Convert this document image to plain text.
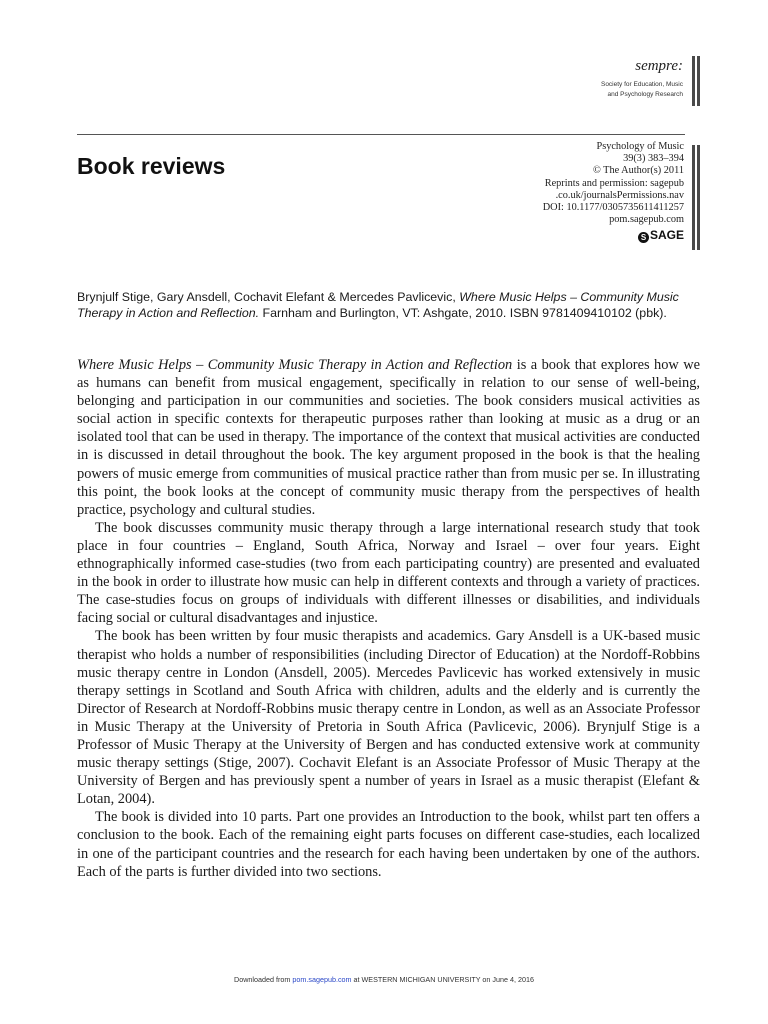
sempre:
Society for Education, Music
and Psychology Research
Book reviews
Psychology of Music
39(3) 383–394
© The Author(s) 2011
Reprints and permission: sagepub
.co.uk/journalsPermissions.nav
DOI: 10.1177/0305735611411257
pom.sagepub.com
S SAGE
Brynjulf Stige, Gary Ansdell, Cochavit Elefant & Mercedes Pavlicevic, Where Music Helps – Community Music Therapy in Action and Reflection. Farnham and Burlington, VT: Ashgate, 2010. ISBN 9781409410102 (pbk).

Where Music Helps – Community Music Therapy in Action and Reflection is a book that explores how we as humans can benefit from musical engagement, specifically in relation to our sense of well-being, belonging and participation in our communities and societies. The book considers musical activities as social action in specific contexts for therapeutic purposes rather than looking at music as a drug or an isolated tool that can be used in therapy. The importance of the context that musical activities are conducted in is discussed in detail throughout the book. The key argument proposed in the book is that the healing powers of music emerge from communities of musical practice rather than from music per se. In illustrating this point, the book looks at the concept of community music therapy from the perspectives of health practice, psychology and cultural studies.

The book discusses community music therapy through a large international research study that took place in four countries – England, South Africa, Norway and Israel – over four years. Eight ethnographically informed case-studies (two from each participating country) are presented and evaluated in the book in order to illustrate how music can help in different contexts and through a variety of practices. The case-studies focus on groups of individuals with different illnesses or disabilities, and individuals facing social or cultural disadvantages and injustice.

The book has been written by four music therapists and academics. Gary Ansdell is a UK-based music therapist who holds a number of responsibilities (including Director of Education) at the Nordoff-Robbins music therapy centre in London (Ansdell, 2005). Mercedes Pavlicevic has worked extensively in music therapy settings in Scotland and South Africa with children, adults and the elderly and is currently the Director of Research at Nordoff-Robbins music therapy centre in London, as well as an Associate Professor in Music Therapy at the University of Pretoria in South Africa (Pavlicevic, 2006). Brynjulf Stige is a Professor of Music Therapy at the University of Bergen and has conducted extensive work at community music therapy settings (Stige, 2007). Cochavit Elefant is an Associate Professor of Music Therapy at the University of Bergen and has previously spent a number of years in Israel as a music therapist (Elefant & Lotan, 2004).

The book is divided into 10 parts. Part one provides an Introduction to the book, whilst part ten offers a conclusion to the book. Each of the remaining eight parts focuses on different case-studies, each localized in one of the participant countries and the research for each having been undertaken by one of the authors. Each of the parts is further divided into two sections.

Downloaded from pom.sagepub.com at WESTERN MICHIGAN UNIVERSITY on June 4, 2016
